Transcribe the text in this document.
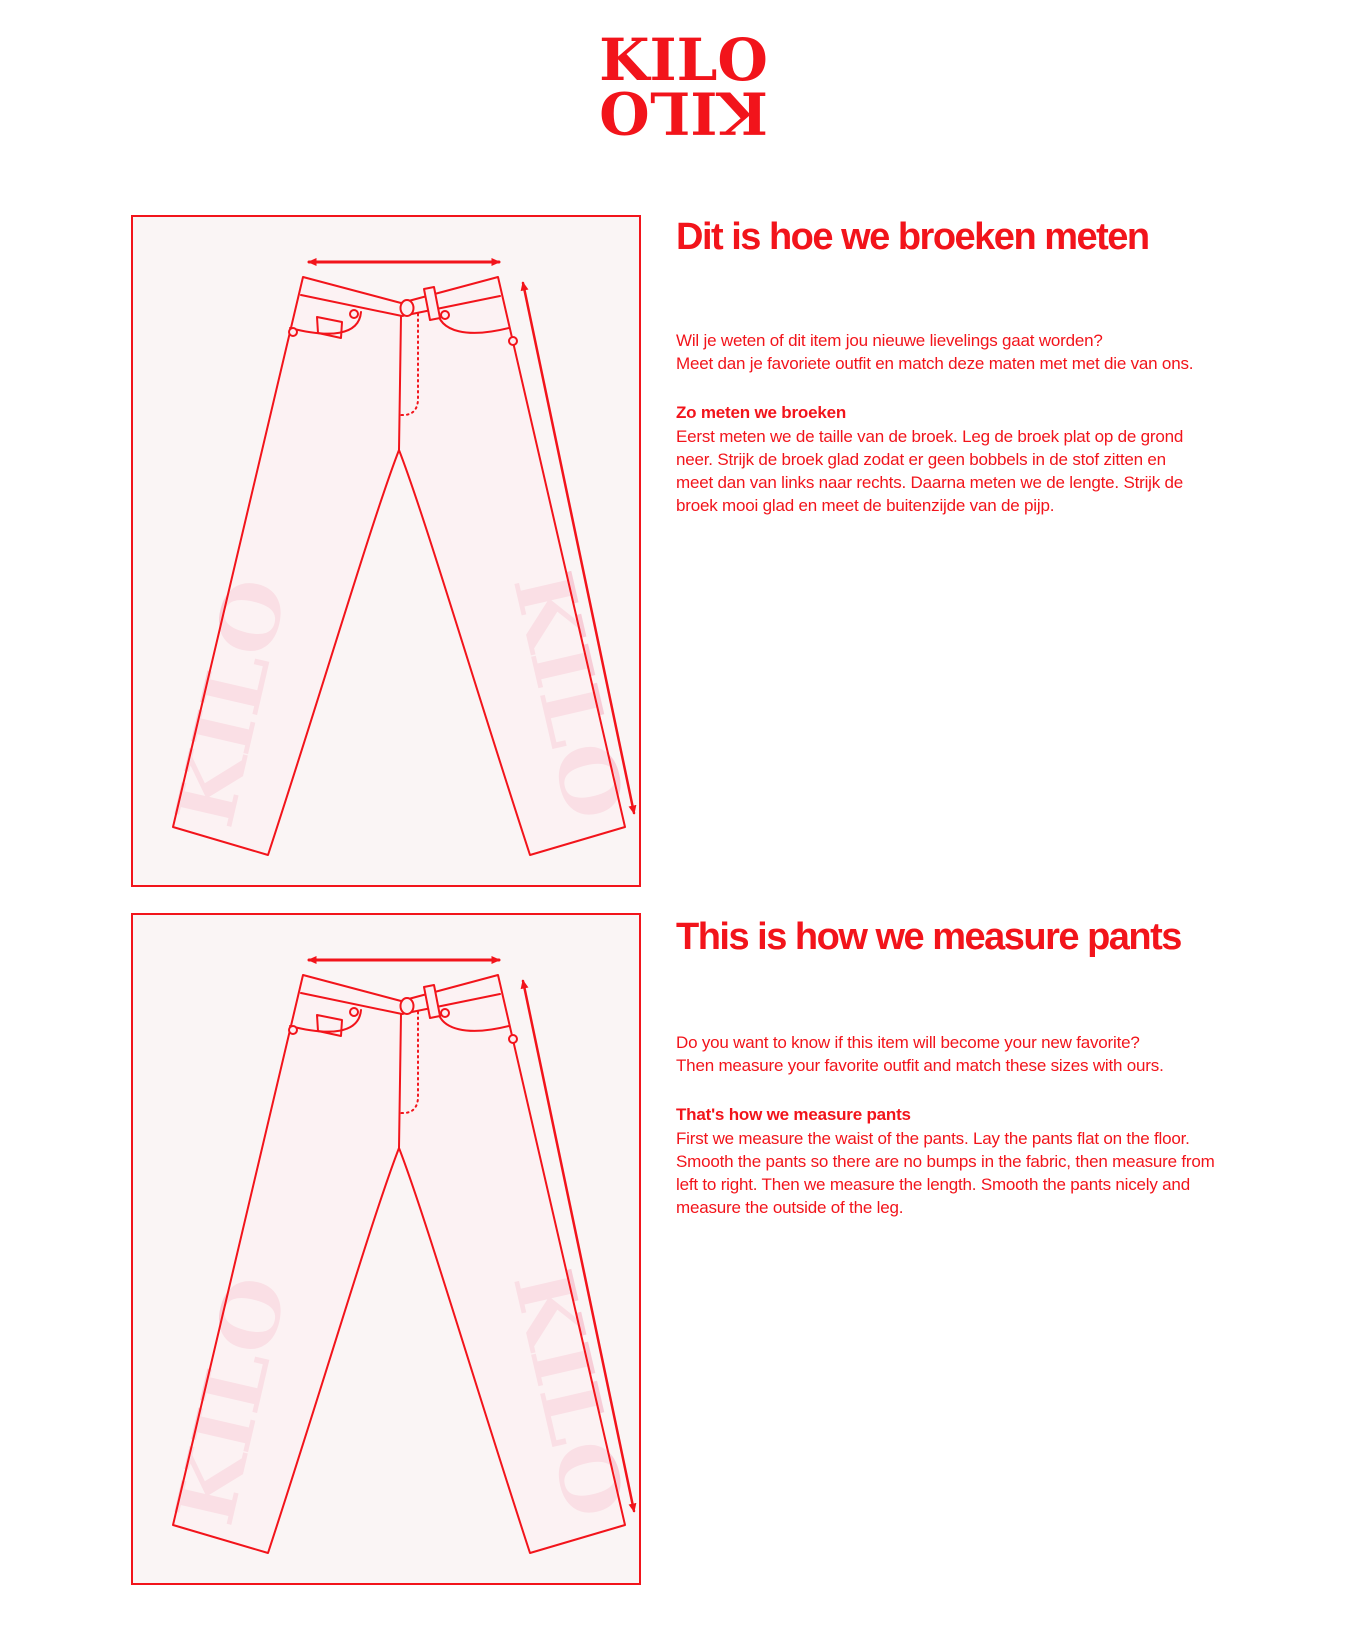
KILO
KILO
Dit is hoe we broeken meten
Wil je weten of dit item jou nieuwe lievelings gaat worden?
Meet dan je favoriete outfit en match deze maten met met die van ons.
Zo meten we broeken
Eerst meten we de taille van de broek. Leg de broek plat op de grond
neer. Strijk de broek glad zodat er geen bobbels in de stof zitten en
meet dan van links naar rechts. Daarna meten we de lengte. Strijk de
broek mooi glad en meet de buitenzijde van de pijp.
This is how we measure pants
Do you want to know if this item will become your new favorite?
Then measure your favorite outfit and match these sizes with ours.
That's how we measure pants
First we measure the waist of the pants. Lay the pants flat on the floor.
Smooth the pants so there are no bumps in the fabric, then measure from
left to right. Then we measure the length. Smooth the pants nicely and
measure the outside of the leg.
